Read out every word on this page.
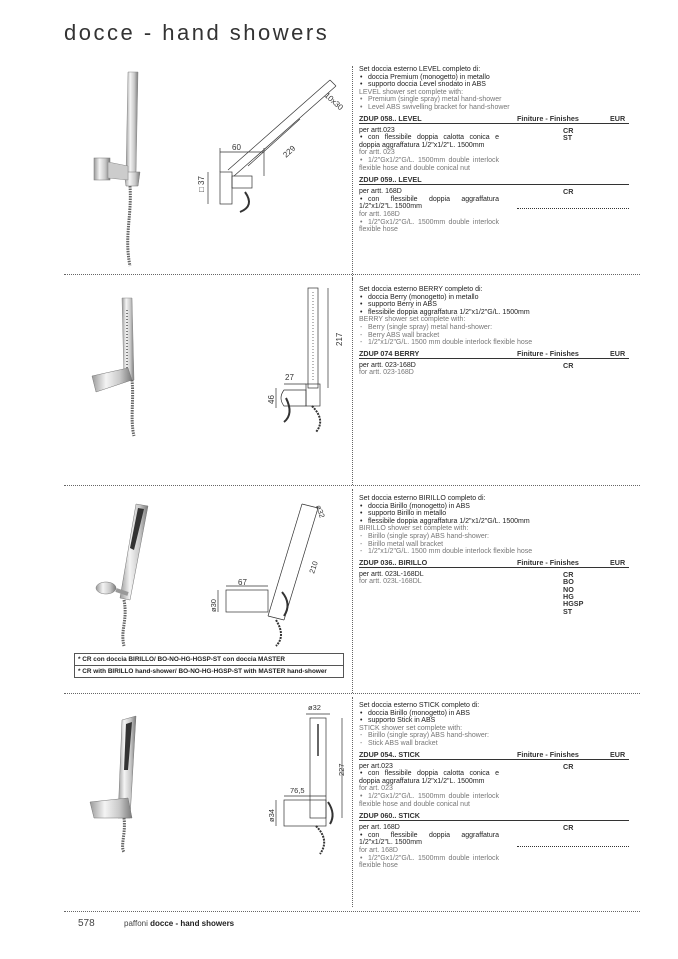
docce - hand showers
10x30
60	229
□ 37
Set doccia esterno LEVEL completo di:
• doccia Premium (monogetto) in metallo
• supporto doccia Level snodato in ABS
LEVEL shower set complete with:
• Premium (single spray) metal hand-shower
• Level ABS swivelling bracket for hand-shower
ZDUP 058.. LEVEL	Finiture - Finishes	EUR
per artt.023
• con flessibile doppia calotta conica e doppia aggraffatura 1/2"x1/2"L. 1500mm
for artt. 023
• 1/2"Gx1/2"G/L. 1500mm double interlock flexible hose and double conical nut
CR
ST
ZDUP 059.. LEVEL
per artt. 168D
• con flessibile doppia aggraffatura 1/2"x1/2"L. 1500mm
for artt. 168D
• 1/2"Gx1/2"G/L. 1500mm double interlock flexible hose
CR
217
27
46
Set doccia esterno BERRY completo di:
• doccia Berry (monogetto) in metallo
• supporto Berry in ABS
• flessibile doppia aggraffatura 1/2"x1/2"G/L. 1500mm
BERRY shower set complete with:
- Berry (single spray) metal hand-shower:
- Berry ABS wall bracket
- 1/2"x1/2"G/L. 1500 mm double interlock flexible hose
ZDUP 074 BERRY	Finiture - Finishes	EUR
per artt. 023-168D
for artt. 023-168D
CR
ø32
210
67
ø30
* CR con doccia BIRILLO/ BO-NO-HG-HGSP-ST con doccia MASTER
* CR with BIRILLO hand-shower/ BO-NO-HG-HGSP-ST with MASTER hand-shower
Set doccia esterno BIRILLO completo di:
• doccia Birillo (monogetto) in ABS
• supporto Birillo in metallo
• flessibile doppia aggraffatura 1/2"x1/2"G/L. 1500mm
BIRILLO shower set complete with:
- Birillo (single spray) ABS hand-shower:
- Birillo metal wall bracket
- 1/2"x1/2"G/L. 1500 mm double interlock flexible hose
ZDUP 036.. BIRILLO	Finiture - Finishes	EUR
per artt. 023L-168DL
for artt. 023L-168DL
CR
BO
NO
HG
HGSP
ST
ø32
227
76,5
ø34
Set doccia esterno STICK completo di:
• doccia Birillo (monogetto) in ABS
• supporto Stick in ABS
STICK shower set complete with:
- Birillo (single spray) ABS hand-shower:
- Stick ABS wall bracket
ZDUP 054.. STICK	Finiture - Finishes	EUR
per art.023
• con flessibile doppia calotta conica e doppia aggraffatura 1/2"x1/2"L. 1500mm
for art. 023
• 1/2"Gx1/2"G/L. 1500mm double interlock flexible hose and double conical nut
CR
ZDUP 060.. STICK
per art. 168D
• con flessibile doppia aggraffatura 1/2"x1/2"L. 1500mm
for art. 168D
• 1/2"Gx1/2"G/L. 1500mm double interlock flexible hose
CR
578	paffoni docce - hand showers
